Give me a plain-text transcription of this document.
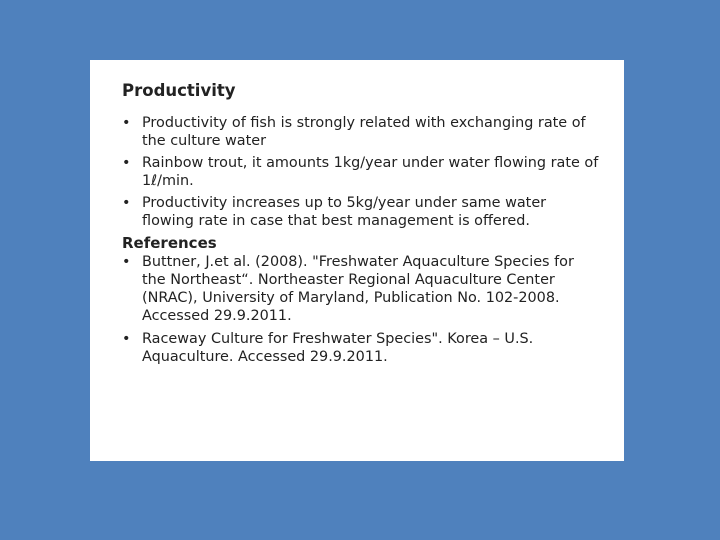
Productivity
• Productivity of fish is strongly related with exchanging rate of the culture water
• Rainbow trout, it amounts 1kg/year under water flowing rate of 1ℓ/min.
• Productivity increases up to 5kg/year under same water flowing rate in case that best management is offered.
References
• Buttner, J.et al. (2008). "Freshwater Aquaculture Species for the Northeast“. Northeaster Regional Aquaculture Center (NRAC), University of Maryland, Publication No. 102-2008. Accessed 29.9.2011.
• Raceway Culture for Freshwater Species". Korea – U.S. Aquaculture. Accessed 29.9.2011.
